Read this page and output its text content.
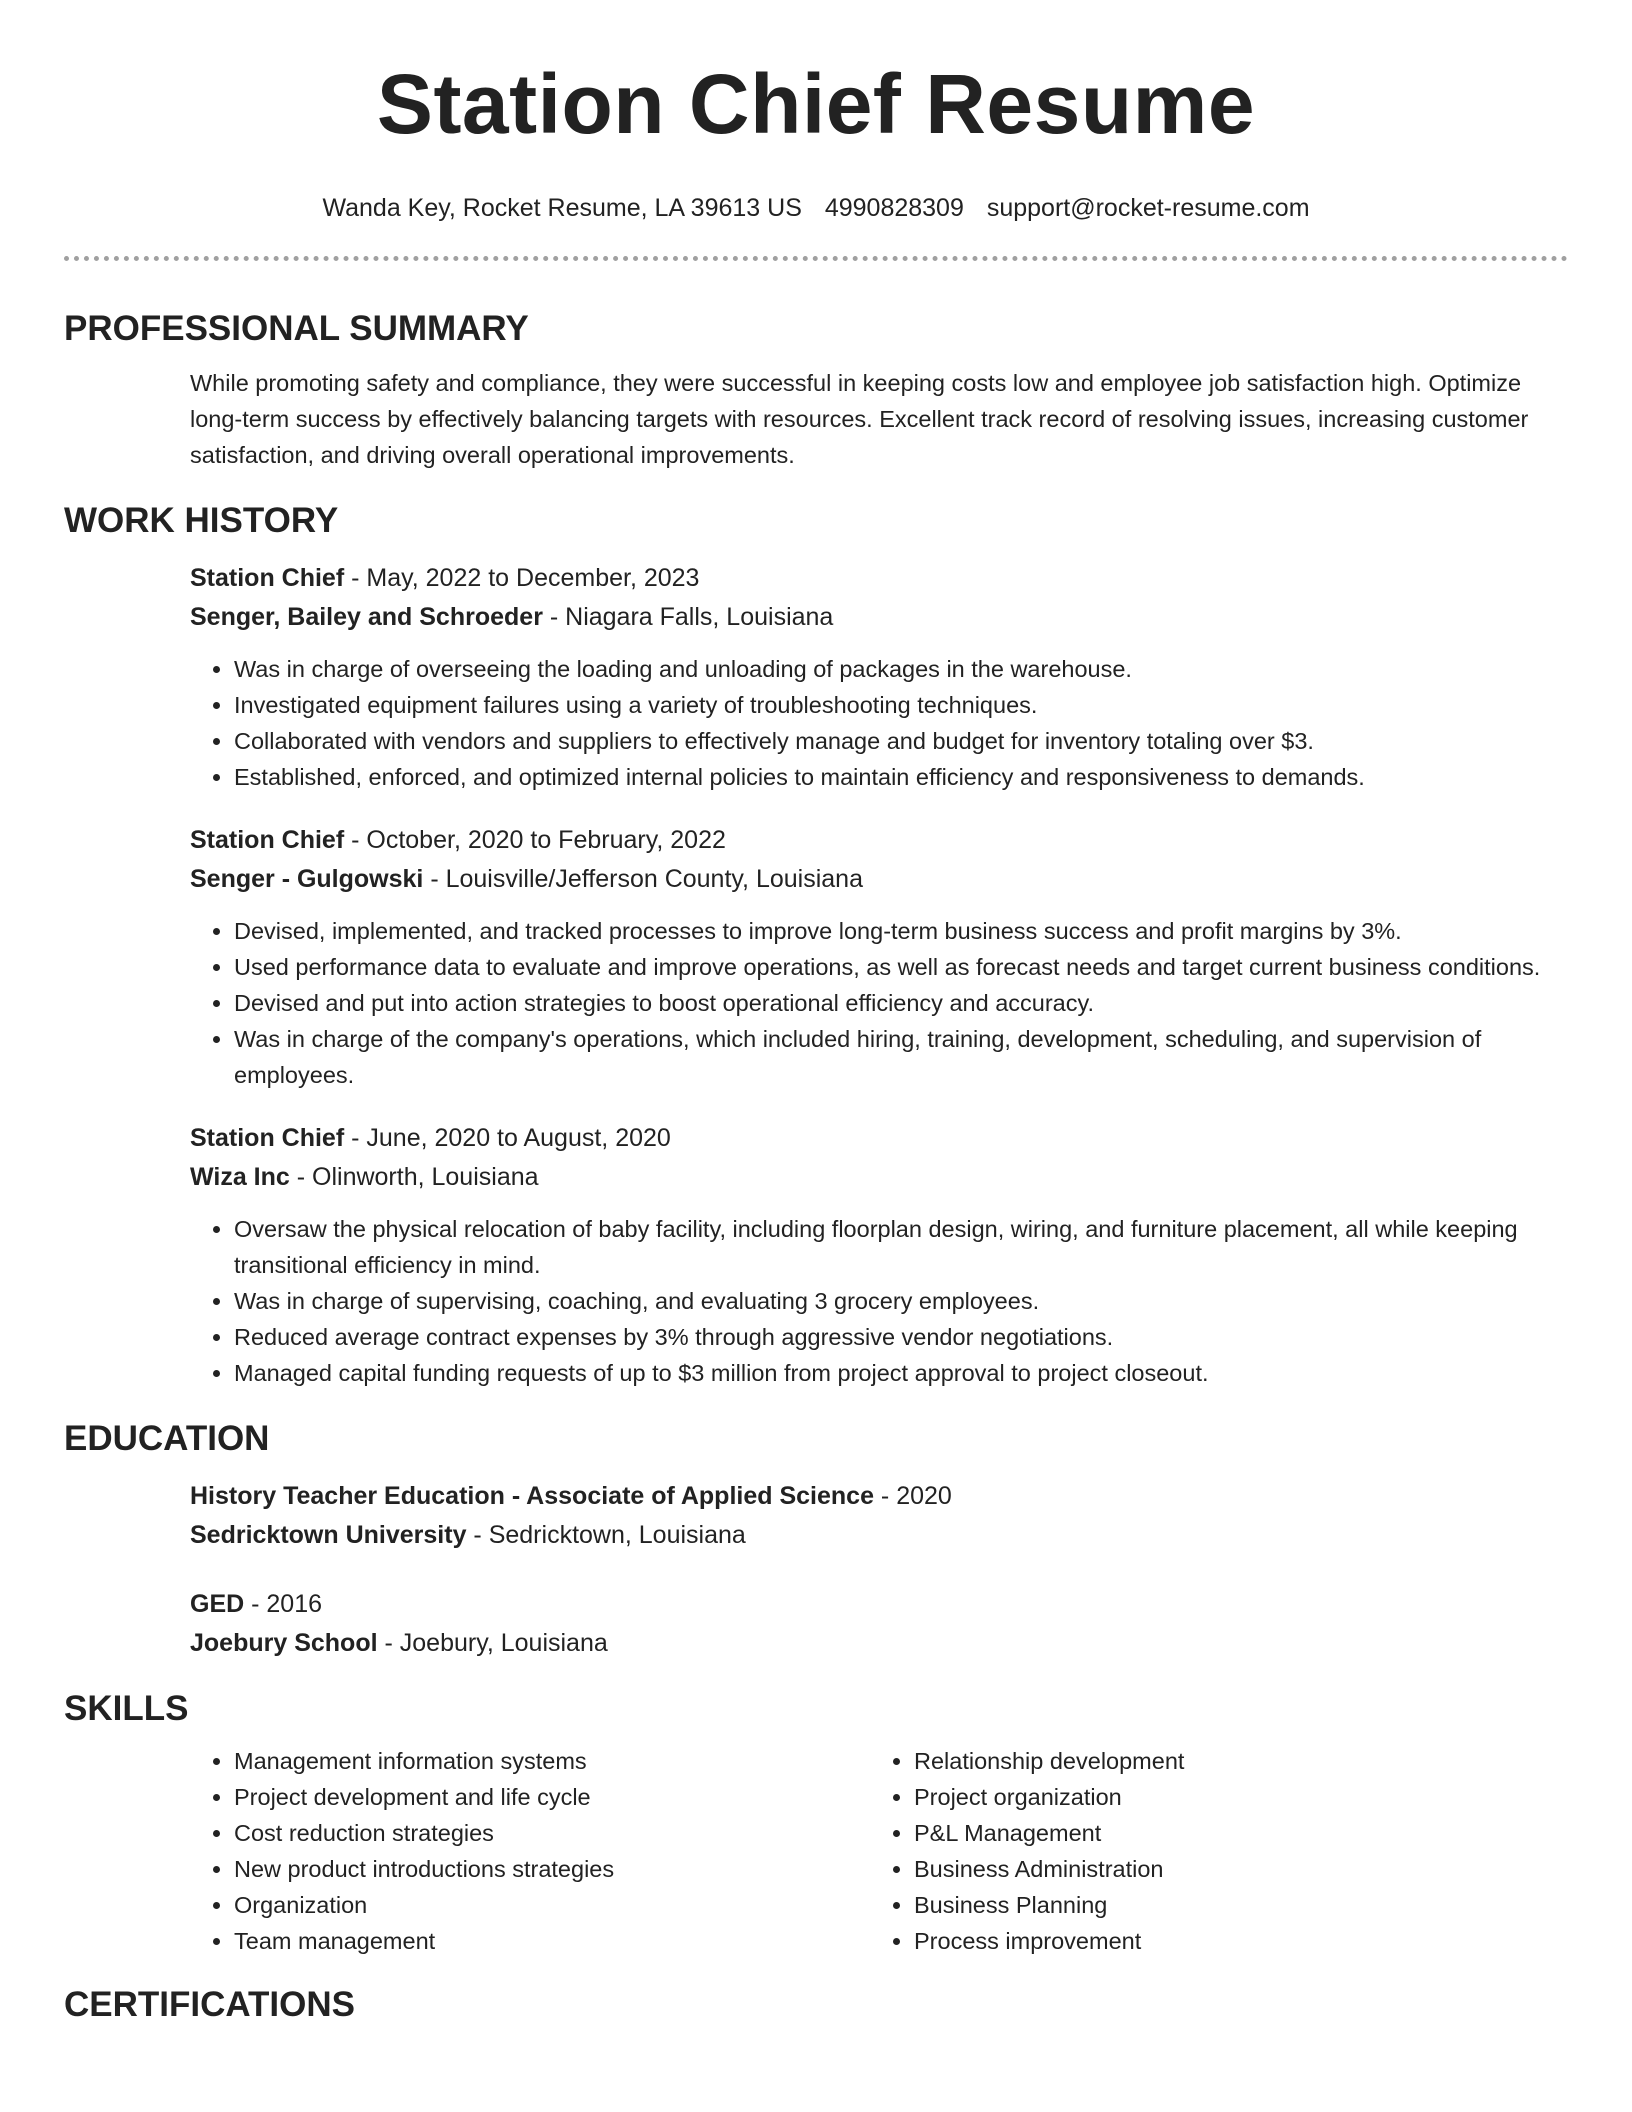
Station Chief Resume
Wanda Key, Rocket Resume, LA 39613 US 4990828309 support@rocket-resume.com
PROFESSIONAL SUMMARY

While promoting safety and compliance, they were successful in keeping costs low and employee job satisfaction high. Optimize long-term success by effectively balancing targets with resources. Excellent track record of resolving issues, increasing customer satisfaction, and driving overall operational improvements.

WORK HISTORY
Station Chief - May, 2022 to December, 2023
Senger, Bailey and Schroeder - Niagara Falls, Louisiana
• Was in charge of overseeing the loading and unloading of packages in the warehouse.
• Investigated equipment failures using a variety of troubleshooting techniques.
• Collaborated with vendors and suppliers to effectively manage and budget for inventory totaling over $3.
• Established, enforced, and optimized internal policies to maintain efficiency and responsiveness to demands.
Station Chief - October, 2020 to February, 2022
Senger - Gulgowski - Louisville/Jefferson County, Louisiana
• Devised, implemented, and tracked processes to improve long-term business success and profit margins by 3%.
• Used performance data to evaluate and improve operations, as well as forecast needs and target current business conditions.
• Devised and put into action strategies to boost operational efficiency and accuracy.
• Was in charge of the company's operations, which included hiring, training, development, scheduling, and supervision of employees.
Station Chief - June, 2020 to August, 2020
Wiza Inc - Olinworth, Louisiana
• Oversaw the physical relocation of baby facility, including floorplan design, wiring, and furniture placement, all while keeping transitional efficiency in mind.
• Was in charge of supervising, coaching, and evaluating 3 grocery employees.
• Reduced average contract expenses by 3% through aggressive vendor negotiations.
• Managed capital funding requests of up to $3 million from project approval to project closeout.
EDUCATION
History Teacher Education - Associate of Applied Science - 2020
Sedricktown University - Sedricktown, Louisiana
GED - 2016
Joebury School - Joebury, Louisiana
SKILLS
• Management information systems
• Project development and life cycle
• Cost reduction strategies
• New product introductions strategies
• Organization
• Team management
• Relationship development
• Project organization
• P&L Management
• Business Administration
• Business Planning
• Process improvement
CERTIFICATIONS
